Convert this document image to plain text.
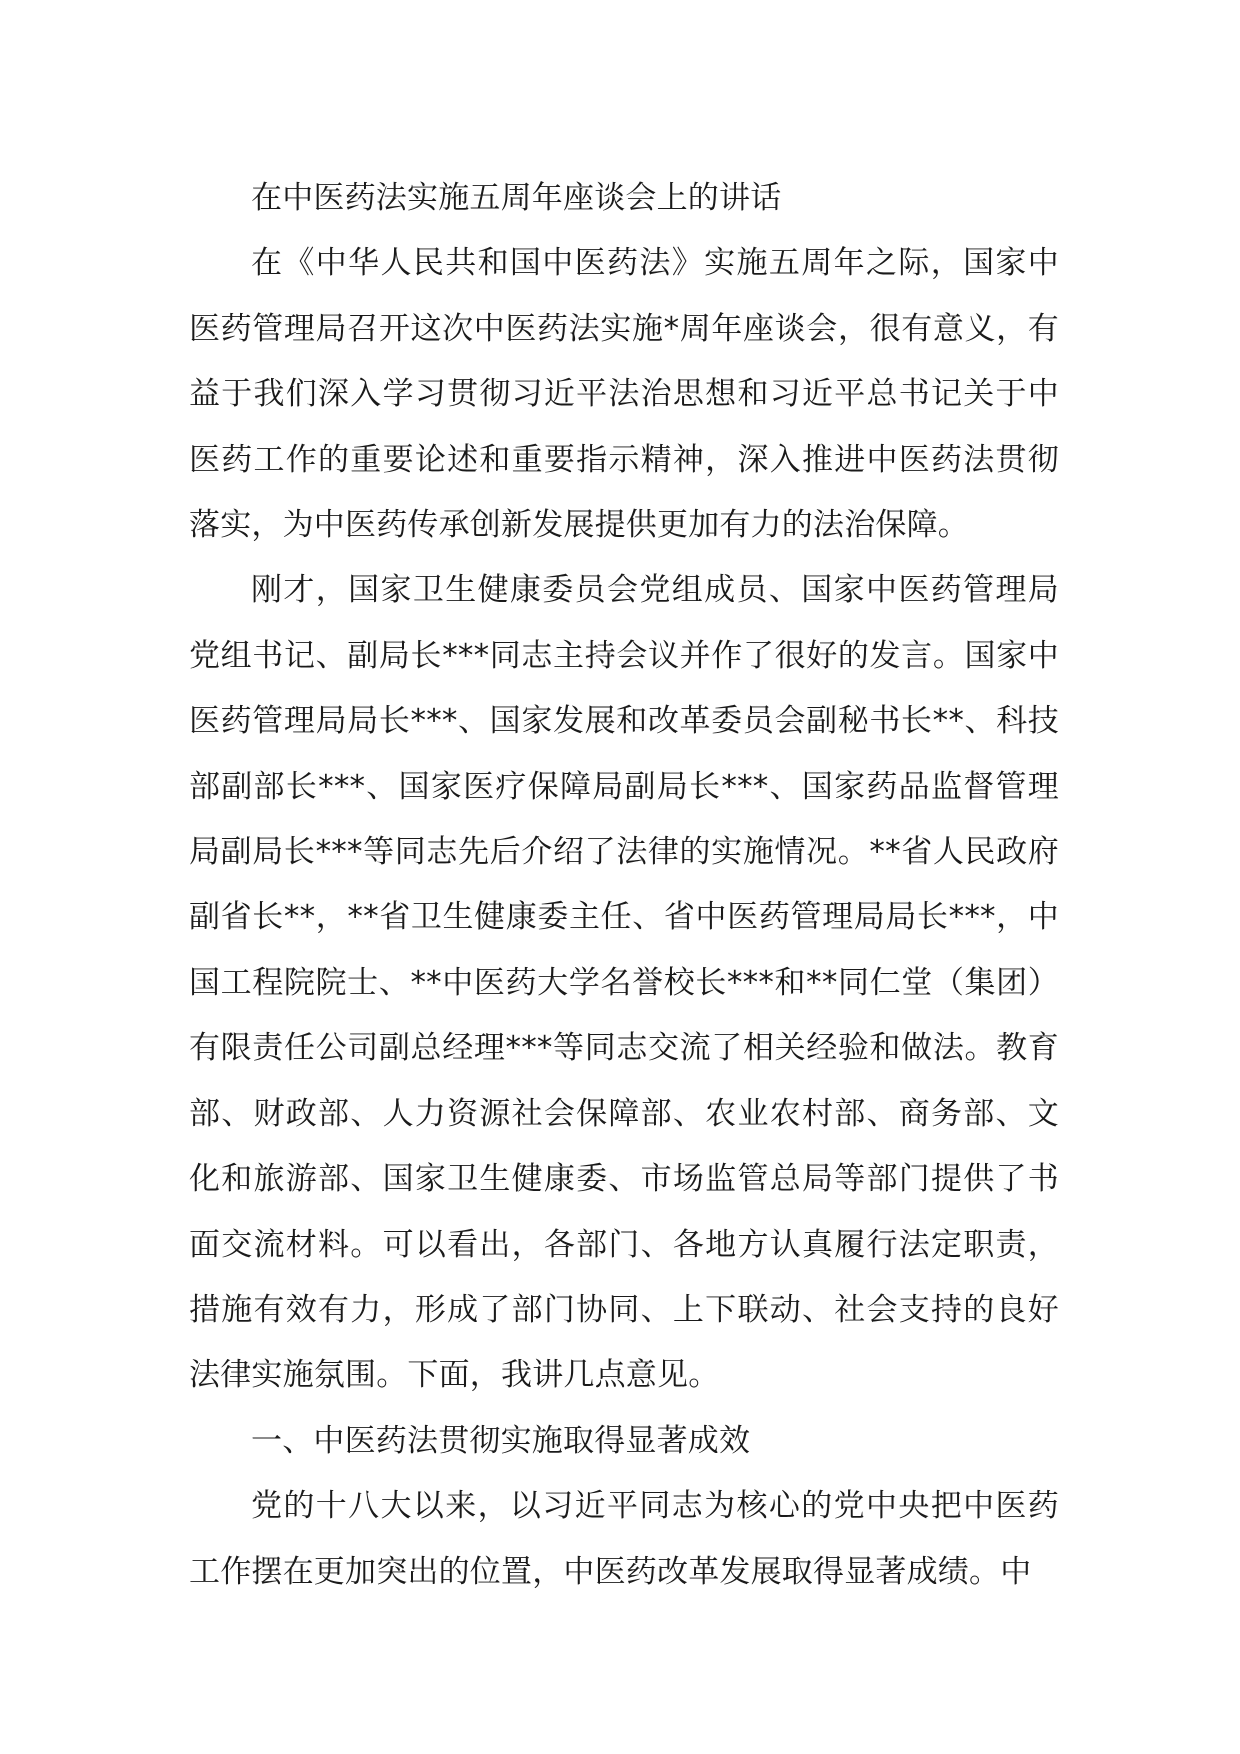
在中医药法实施五周年座谈会上的讲话

在《中华人民共和国中医药法》实施五周年之际，国家中医药管理局召开这次中医药法实施*周年座谈会，很有意义，有益于我们深入学习贯彻习近平法治思想和习近平总书记关于中医药工作的重要论述和重要指示精神，深入推进中医药法贯彻落实，为中医药传承创新发展提供更加有力的法治保障。

刚才，国家卫生健康委员会党组成员、国家中医药管理局党组书记、副局长***同志主持会议并作了很好的发言。国家中医药管理局局长***、国家发展和改革委员会副秘书长**、科技部副部长***、国家医疗保障局副局长***、国家药品监督管理局副局长***等同志先后介绍了法律的实施情况。**省人民政府副省长**，**省卫生健康委主任、省中医药管理局局长***，中国工程院院士、**中医药大学名誉校长***和**同仁堂（集团）有限责任公司副总经理***等同志交流了相关经验和做法。教育部、财政部、人力资源社会保障部、农业农村部、商务部、文化和旅游部、国家卫生健康委、市场监管总局等部门提供了书面交流材料。可以看出，各部门、各地方认真履行法定职责，措施有效有力，形成了部门协同、上下联动、社会支持的良好法律实施氛围。下面，我讲几点意见。

一、中医药法贯彻实施取得显著成效

党的十八大以来，以习近平同志为核心的党中央把中医药工作摆在更加突出的位置，中医药改革发展取得显著成绩。中
